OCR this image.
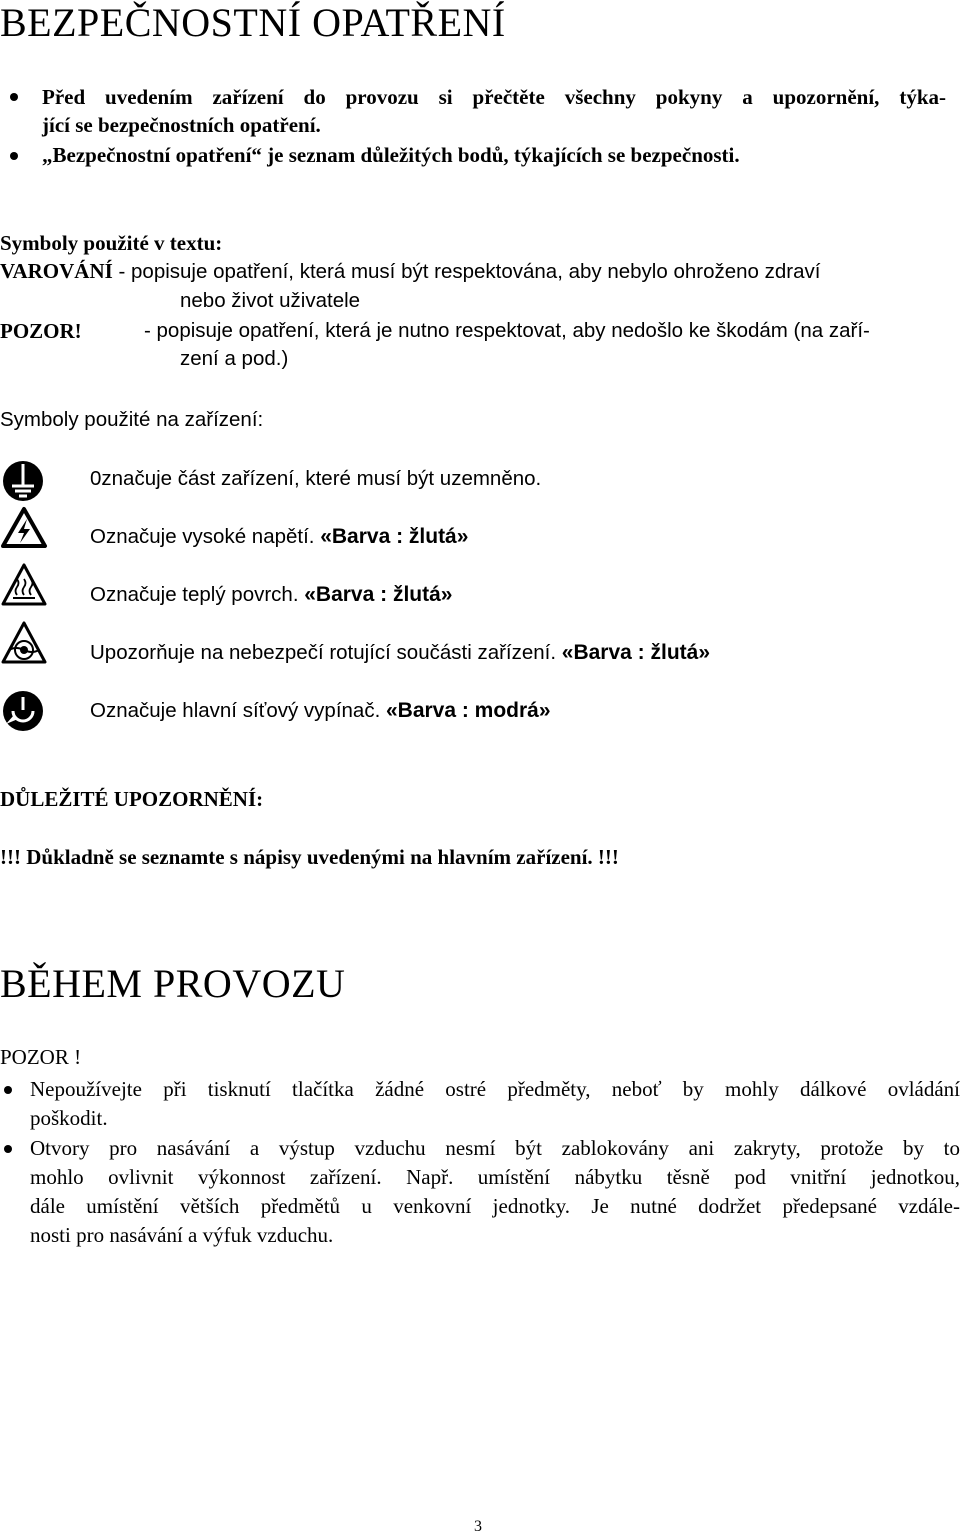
BEZPEČNOSTNÍ OPATŘENÍ
Před uvedením zařízení do provozu si přečtěte všechny pokyny a upozornění, týka-
jící se bezpečnostních opatření.
„Bezpečnostní opatření“ je seznam důležitých bodů, týkajících se bezpečnosti.
Symboly použité v textu:
VAROVÁNÍ - popisuje opatření, která musí být respektována, aby nebylo ohroženo zdraví
nebo život uživatele
POZOR!	- popisuje opatření, která je nutno respektovat, aby nedošlo ke škodám (na zaří-
zení a pod.)
Symboly použité na zařízení:
0značuje část zařízení, které musí být uzemněno.
Označuje vysoké napětí. «Barva : žlutá»
Označuje teplý povrch. «Barva : žlutá»
Upozorňuje na nebezpečí rotující součásti zařízení. «Barva : žlutá»
Označuje hlavní síťový vypínač. «Barva : modrá»
DŮLEŽITÉ UPOZORNĚNÍ:
!!! Důkladně se seznamte s nápisy uvedenými na hlavním zařízení. !!!
BĚHEM PROVOZU
POZOR !
Nepoužívejte při tisknutí tlačítka žádné ostré předměty, neboť by mohly dálkové ovládání
poškodit.
Otvory pro nasávání a výstup vzduchu nesmí být zablokovány ani zakryty, protože by to
mohlo ovlivnit výkonnost zařízení. Např. umístění nábytku těsně pod vnitřní jednotkou,
dále umístění větších předmětů u venkovní jednotky. Je nutné dodržet předepsané vzdále-
nosti pro nasávání a výfuk vzduchu.
3
